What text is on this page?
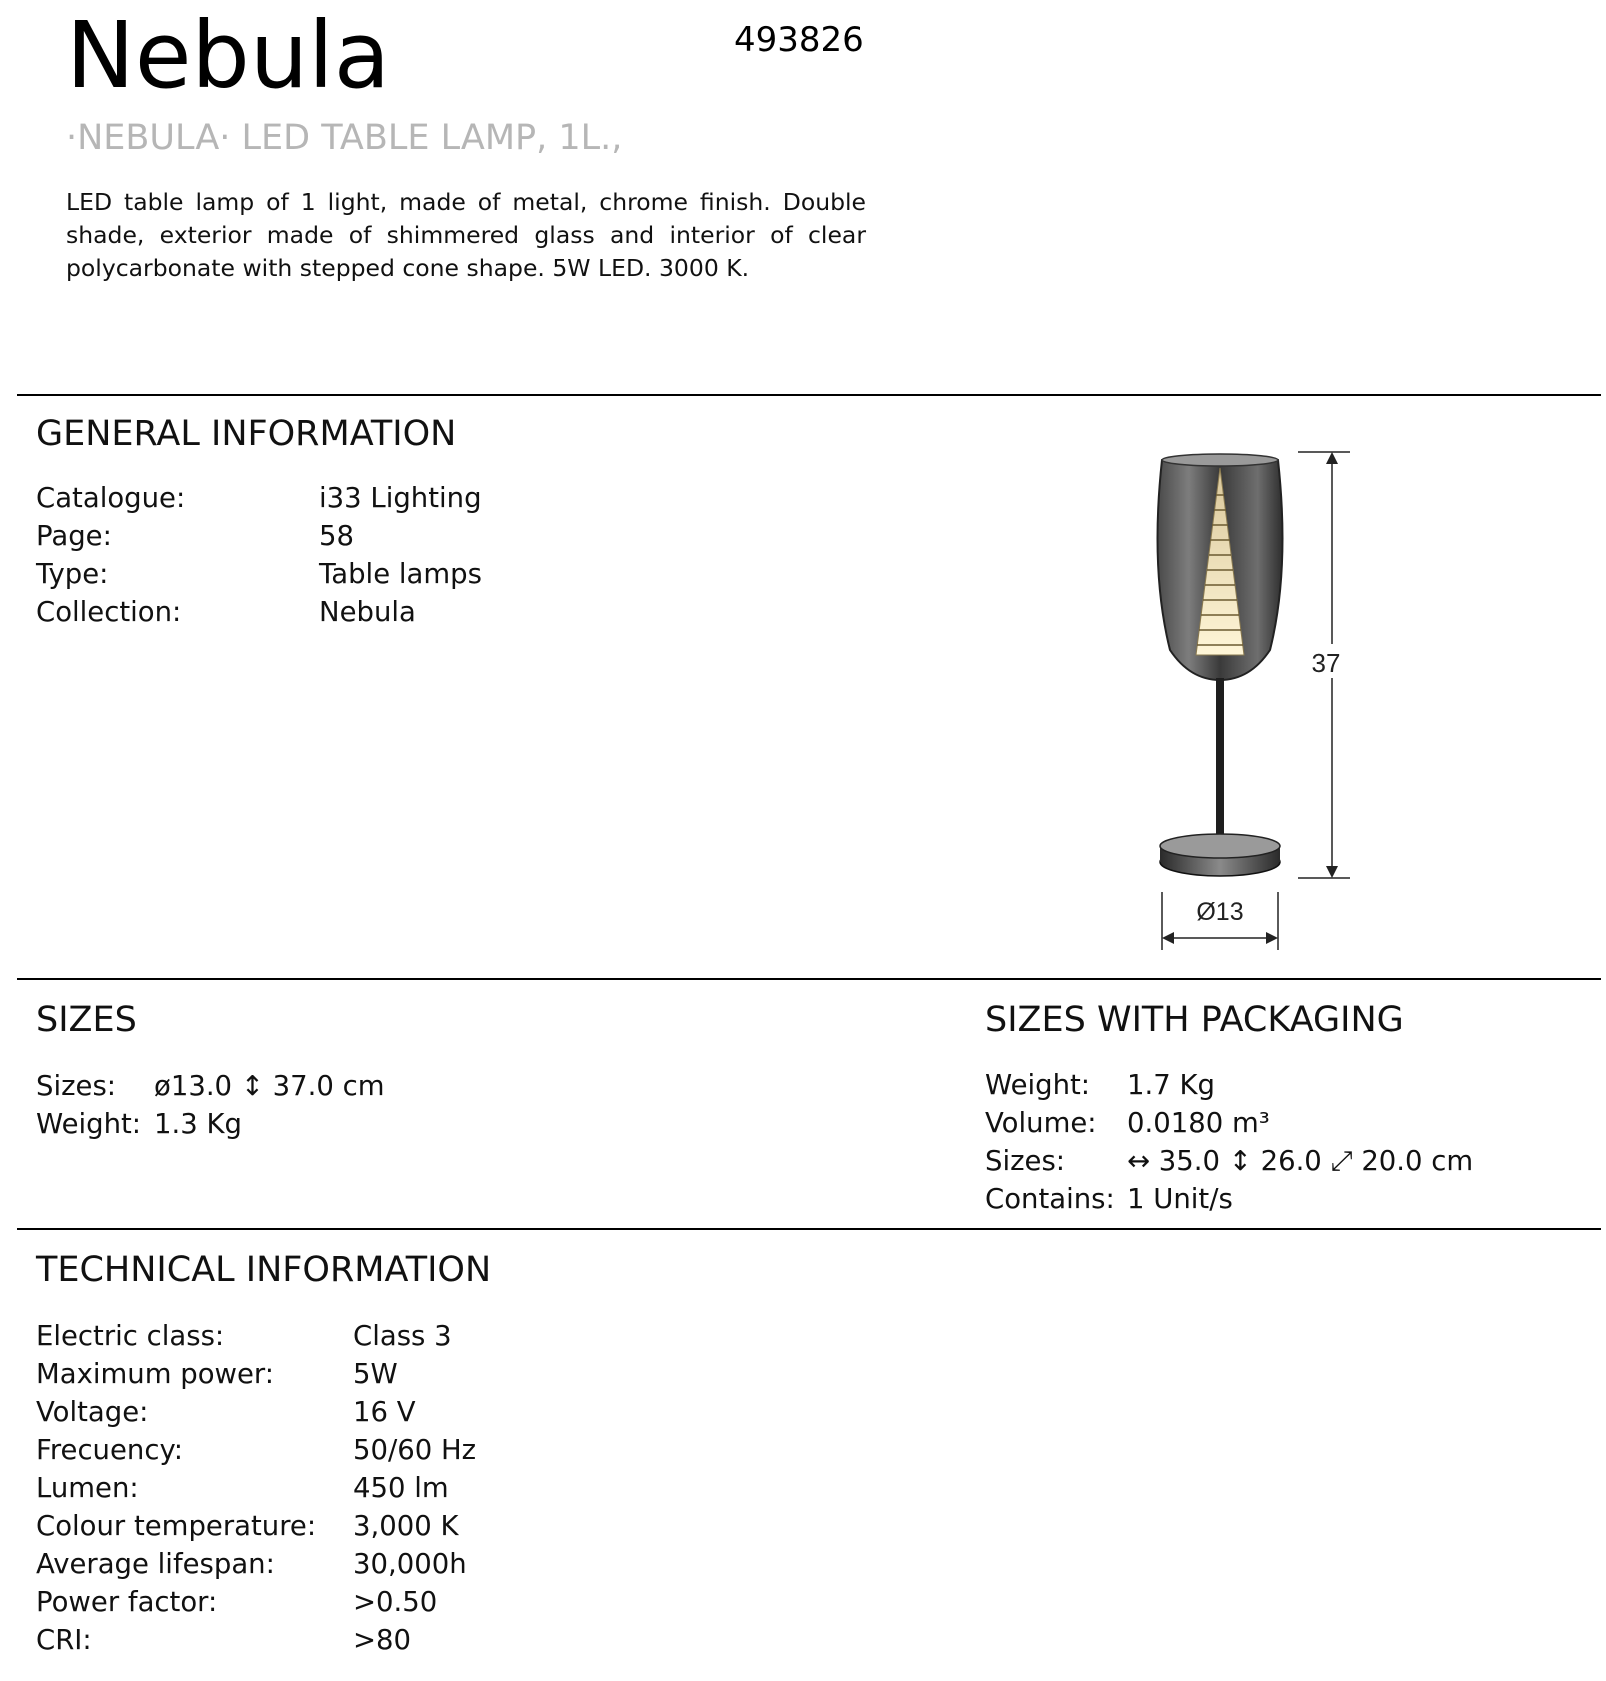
Nebula	493826
·NEBULA· LED TABLE LAMP, 1L.,
LED table lamp of 1 light, made of metal, chrome finish. Double shade, exterior made of shimmered glass and interior of clear polycarbonate with stepped cone shape. 5W LED. 3000 K.
GENERAL INFORMATION
Catalogue:	i33 Lighting
Page:	58
Type:	Table lamps
Collection:	Nebula
37
Ø13
SIZES
Sizes: ø13.0 ↕ 37.0 cm
Weight: 1.3 Kg
SIZES WITH PACKAGING
Weight: 1.7 Kg
Volume: 0.0180 m³
Sizes: ↔ 35.0 ↕ 26.0 ⤢ 20.0 cm
Contains: 1 Unit/s
TECHNICAL INFORMATION
Electric class:	Class 3
Maximum power:	5W
Voltage:	16 V
Frecuency:	50/60 Hz
Lumen:	450 lm
Colour temperature: 3,000 K
Average lifespan:	30,000h
Power factor:	>0.50
CRI:	>80
